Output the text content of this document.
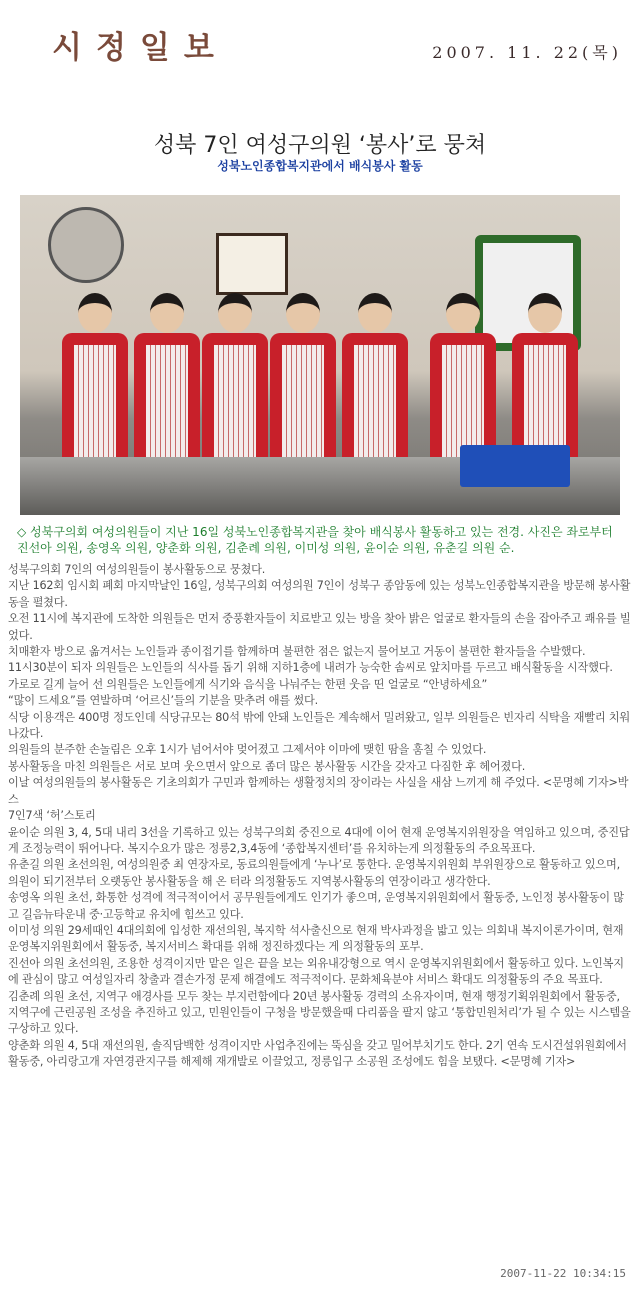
시정일보	2007. 11. 22(목)
성북 7인 여성구의원 ‘봉사’로 뭉쳐
성북노인종합복지관에서 배식봉사 활동
◇ 성북구의회 여성의원들이 지난 16일 성북노인종합복지관을 찾아 배식봉사 활동하고 있는 전경. 사진은 좌로부터 진선아 의원, 송영옥 의원, 양춘화 의원, 김춘례 의원, 이미성 의원, 윤이순 의원, 유춘길 의원 순.

성북구의회 7인의 여성의원들이 봉사활동으로 뭉쳤다.

지난 162회 임시회 폐회 마지막날인 16일, 성북구의회 여성의원 7인이 성북구 종암동에 있는 성북노인종합복지관을 방문해 봉사활동을 펼쳤다.

오전 11시에 복지관에 도착한 의원들은 먼저 중풍환자들이 치료받고 있는 방을 찾아 밝은 얼굴로 환자들의 손을 잡아주고 쾌유를 빌었다.

치매환자 방으로 옮겨서는 노인들과 종이접기를 함께하며 불편한 점은 없는지 물어보고 거동이 불편한 환자들을 수발했다.

11시30분이 되자 의원들은 노인들의 식사를 돕기 위해 지하1층에 내려가 능숙한 솜씨로 앞치마를 두르고 배식활동을 시작했다.

가로로 길게 늘어 선 의원들은 노인들에게 식기와 음식을 나눠주는 한편 웃음 띤 얼굴로 “안녕하세요”

“많이 드세요”를 연발하며 ‘어르신’들의 기분을 맞추려 애를 썼다.

식당 이용객은 400명 정도인데 식당규모는 80석 밖에 안돼 노인들은 계속해서 밀려왔고, 일부 의원들은 빈자리 식탁을 재빨리 치워나갔다.

의원들의 분주한 손놀림은 오후 1시가 넘어서야 멎어졌고 그제서야 이마에 맺힌 땀을 훔칠 수 있었다.

봉사활동을 마친 의원들은 서로 보며 웃으면서 앞으로 좀더 많은 봉사활동 시간을 갖자고 다짐한 후 헤어졌다.

이날 여성의원들의 봉사활동은 기초의회가 구민과 함께하는 생활정치의 장이라는 사실을 새삼 느끼게 해 주었다. <문명혜 기자>박스

7인7색 ‘허’스토리

윤이순 의원 3, 4, 5대 내리 3선을 기록하고 있는 성북구의회 중진으로 4대에 이어 현재 운영복지위원장을 역임하고 있으며, 중진답게 조정능력이 뛰어나다. 복지수요가 많은 정릉2,3,4동에 ‘종합복지센터’를 유치하는게 의정활동의 주요목표다.

유춘길 의원 초선의원, 여성의원중 최 연장자로, 동료의원들에게 ‘누나’로 통한다. 운영복지위원회 부위원장으로 활동하고 있으며, 의원이 되기전부터 오랫동안 봉사활동을 해 온 터라 의정활동도 지역봉사활동의 연장이라고 생각한다.

송영옥 의원 초선, 화통한 성격에 적극적이어서 공무원들에게도 인기가 좋으며, 운영복지위원회에서 활동중, 노인정 봉사활동이 많고 길음뉴타운내 중·고등학교 유치에 힘쓰고 있다.

이미성 의원 29세때인 4대의회에 입성한 재선의원, 복지학 석사출신으로 현재 박사과정을 밟고 있는 의회내 복지이론가이며, 현재 운영복지위원회에서 활동중, 복지서비스 확대를 위해 정진하겠다는 게 의정활동의 포부.

진선아 의원 초선의원, 조용한 성격이지만 맡은 일은 끝을 보는 외유내강형으로 역시 운영복지위원회에서 활동하고 있다. 노인복지에 관심이 많고 여성일자리 창출과 결손가정 문제 해결에도 적극적이다. 문화체육분야 서비스 확대도 의정활동의 주요 목표다.

김춘례 의원 초선, 지역구 애경사를 모두 찾는 부지런함에다 20년 봉사활동 경력의 소유자이며, 현재 행정기획위원회에서 활동중, 지역구에 근린공원 조성을 추진하고 있고, 민원인들이 구청을 방문했을때 다리품을 팔지 않고 ‘통합민원처리’가 될 수 있는 시스템을 구상하고 있다.

양춘화 의원 4, 5대 재선의원, 솔직담백한 성격이지만 사업추진에는 뚝심을 갖고 밀어부치기도 한다. 2기 연속 도시건설위원회에서 활동중, 아리랑고개 자연경관지구를 해제해 재개발로 이끌었고, 정릉입구 소공원 조성에도 힘을 보탰다. <문명혜 기자>

2007-11-22 10:34:15
